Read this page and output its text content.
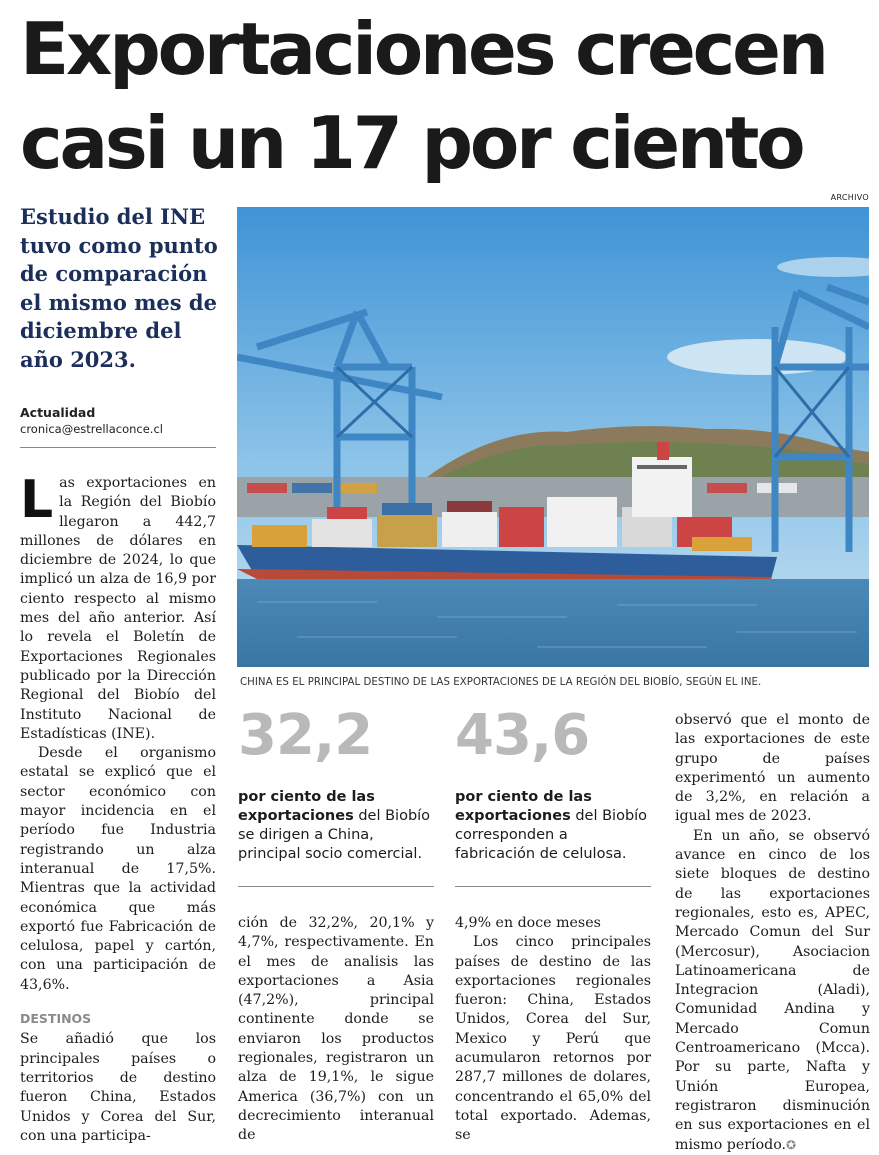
Exportaciones crecen
casi un 17 por ciento
ARCHIVO
Estudio del INE tuvo como punto de comparación el mismo mes de diciembre del año 2023.
Actualidad
cronica@estrellaconce.cl
CHINA ES EL PRINCIPAL DESTINO DE LAS EXPORTACIONES DE LA REGIÓN DEL BIOBÍO, SEGÚN EL INE.

Las exportaciones en la Región del Biobío llegaron a 442,7 millones de dólares en diciembre de 2024, lo que implicó un alza de 16,9 por ciento respecto al mismo mes del año anterior. Así lo revela el Boletín de Exportaciones Regionales publicado por la Dirección Regional del Biobío del Instituto Nacional de Estadísticas (INE).

Desde el organismo estatal se explicó que el sector económico con mayor incidencia en el período fue Industria registrando un alza interanual de 17,5%. Mientras que la actividad económica que más exportó fue Fabricación de celulosa, papel y cartón, con una participación de 43,6%.

DESTINOS

Se añadió que los principales países o territorios de destino fueron China, Estados Unidos y Corea del Sur, con una participa-

32,2
por ciento de las exportaciones del Biobío se dirigen a China, principal socio comercial.
43,6
por ciento de las exportaciones del Biobío corresponden a fabricación de celulosa.

ción de 32,2%, 20,1% y 4,7%, respectivamente. En el mes de analisis las exportaciones a Asia (47,2%), principal continente donde se enviaron los productos regionales, registraron un alza de 19,1%, le sigue America (36,7%) con un decrecimiento interanual de

4,9% en doce meses

Los cinco principales países de destino de las exportaciones regionales fueron: China, Estados Unidos, Corea del Sur, Mexico y Perú que acumularon retornos por 287,7 millones de dolares, concentrando el 65,0% del total exportado. Ademas, se

observó que el monto de las exportaciones de este grupo de países experimentó un aumento de 3,2%, en relación a igual mes de 2023.

En un año, se observó avance en cinco de los siete bloques de destino de las exportaciones regionales, esto es, APEC, Mercado Comun del Sur (Mercosur), Asociacion Latinoamericana de Integracion (Aladi), Comunidad Andina y Mercado Comun Centroamericano (Mcca). Por su parte, Nafta y Unión Europea, registraron disminución en sus exportaciones en el mismo período.✪
